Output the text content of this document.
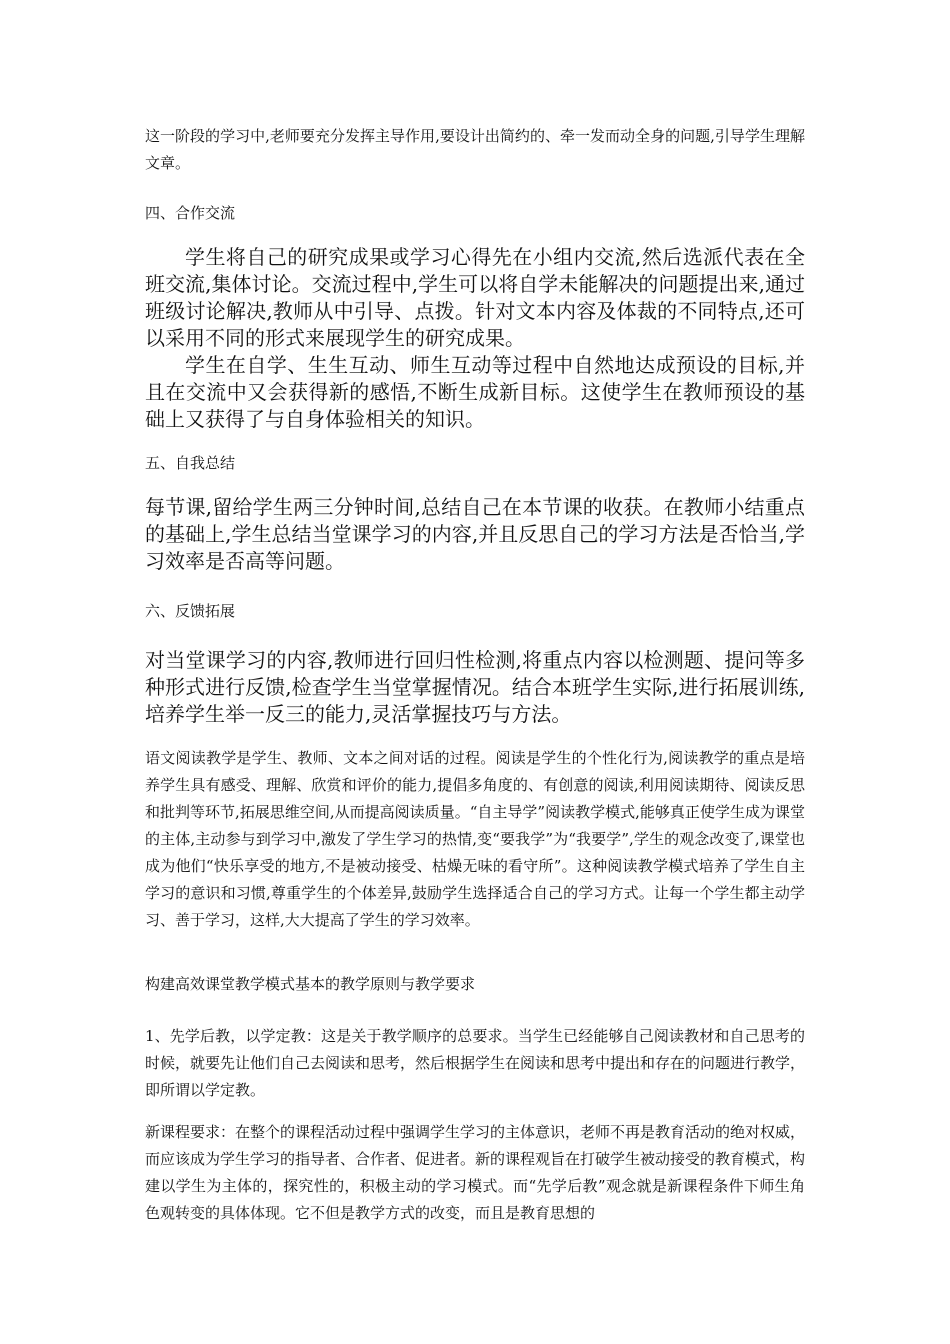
这一阶段的学习中,老师要充分发挥主导作用,要设计出简约的、牵一发而动全身的问题,引导学生理解文章。

四、合作交流

学生将自己的研究成果或学习心得先在小组内交流,然后选派代表在全班交流,集体讨论。交流过程中,学生可以将自学未能解决的问题提出来,通过班级讨论解决,教师从中引导、点拨。针对文本内容及体裁的不同特点,还可以采用不同的形式来展现学生的研究成果。

学生在自学、生生互动、师生互动等过程中自然地达成预设的目标,并且在交流中又会获得新的感悟,不断生成新目标。这使学生在教师预设的基础上又获得了与自身体验相关的知识。

五、自我总结

每节课,留给学生两三分钟时间,总结自己在本节课的收获。在教师小结重点的基础上,学生总结当堂课学习的内容,并且反思自己的学习方法是否恰当,学习效率是否高等问题。

六、反馈拓展

对当堂课学习的内容,教师进行回归性检测,将重点内容以检测题、提问等多种形式进行反馈,检查学生当堂掌握情况。结合本班学生实际,进行拓展训练,培养学生举一反三的能力,灵活掌握技巧与方法。

语文阅读教学是学生、教师、文本之间对话的过程。阅读是学生的个性化行为,阅读教学的重点是培养学生具有感受、理解、欣赏和评价的能力,提倡多角度的、有创意的阅读,利用阅读期待、阅读反思和批判等环节,拓展思维空间,从而提高阅读质量。“自主导学”阅读教学模式,能够真正使学生成为课堂的主体,主动参与到学习中,激发了学生学习的热情,变“要我学”为“我要学”,学生的观念改变了,课堂也成为他们“快乐享受的地方,不是被动接受、枯燥无味的看守所”。这种阅读教学模式培养了学生自主学习的意识和习惯,尊重学生的个体差异,鼓励学生选择适合自己的学习方式。让每一个学生都主动学习、善于学习，这样,大大提高了学生的学习效率。

构建高效课堂教学模式基本的教学原则与教学要求

1、先学后教，以学定教：这是关于教学顺序的总要求。当学生已经能够自己阅读教材和自己思考的时候，就要先让他们自己去阅读和思考，然后根据学生在阅读和思考中提出和存在的问题进行教学，即所谓以学定教。

新课程要求：在整个的课程活动过程中强调学生学习的主体意识，老师不再是教育活动的绝对权威，而应该成为学生学习的指导者、合作者、促进者。新的课程观旨在打破学生被动接受的教育模式，构建以学生为主体的，探究性的，积极主动的学习模式。而“先学后教”观念就是新课程条件下师生角色观转变的具体体现。它不但是教学方式的改变，而且是教育思想的
